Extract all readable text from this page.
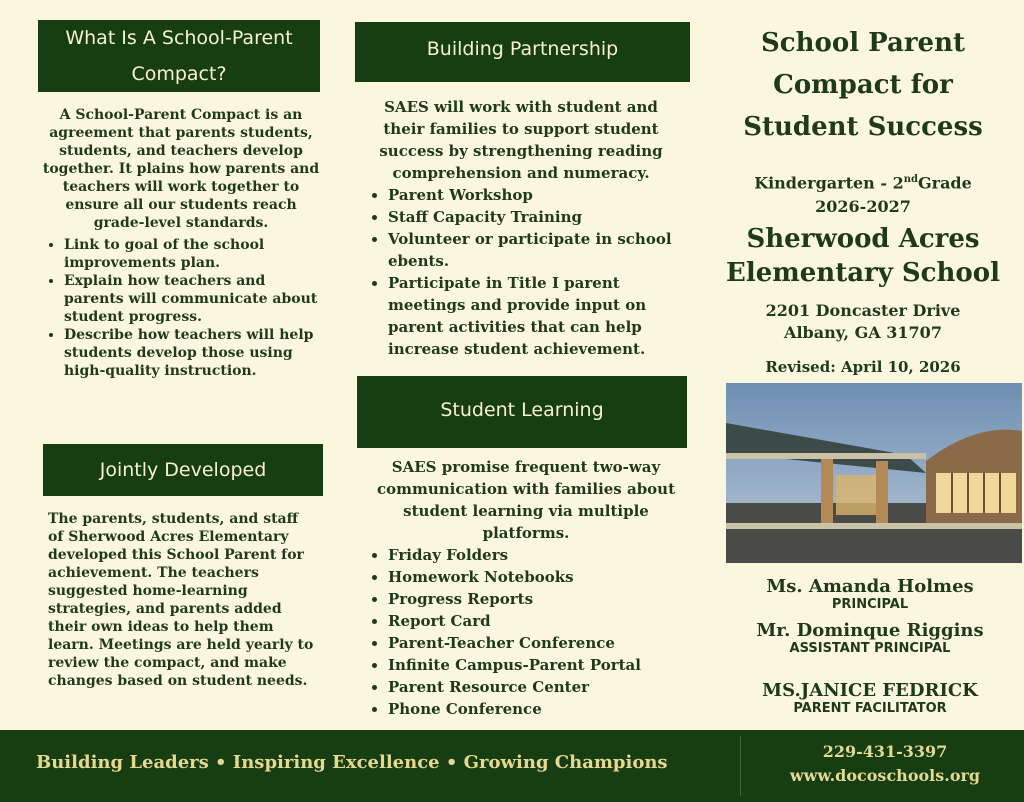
What Is A School-Parent Compact?
A School-Parent Compact is an agreement that parents students, students, and teachers develop together. It plains how parents and teachers will work together to ensure all our students reach grade-level standards.
• Link to goal of the school improvements plan.
• Explain how teachers and parents will communicate about student progress.
• Describe how teachers will help students develop those using high-quality instruction.
Jointly Developed
The parents, students, and staff of Sherwood Acres Elementary developed this School Parent for achievement. The teachers suggested home-learning strategies, and parents added their own ideas to help them learn. Meetings are held yearly to review the compact, and make changes based on student needs.
Building Partnership
SAES will work with student and their families to support student success by strengthening reading comprehension and numeracy.
• Parent Workshop
• Staff Capacity Training
• Volunteer or participate in school ebents.
• Participate in Title I parent meetings and provide input on parent activities that can help increase student achievement.
Student Learning
SAES promise frequent two-way communication with families about student learning via multiple platforms.
• Friday Folders
• Homework Notebooks
• Progress Reports
• Report Card
• Parent-Teacher Conference
• Infinite Campus-Parent Portal
• Parent Resource Center
• Phone Conference
School Parent Compact for Student Success
Kindergarten - 2ndGrade
2026-2027
Sherwood Acres Elementary School
2201 Doncaster Drive
Albany, GA 31707
Revised: April 10, 2026
Ms. Amanda Holmes
PRINCIPAL
Mr. Dominque Riggins
ASSISTANT PRINCIPAL
MS.JANICE FEDRICK
PARENT FACILITATOR
Building Leaders • Inspiring Excellence • Growing Champions
229-431-3397
www.docoschools.org
